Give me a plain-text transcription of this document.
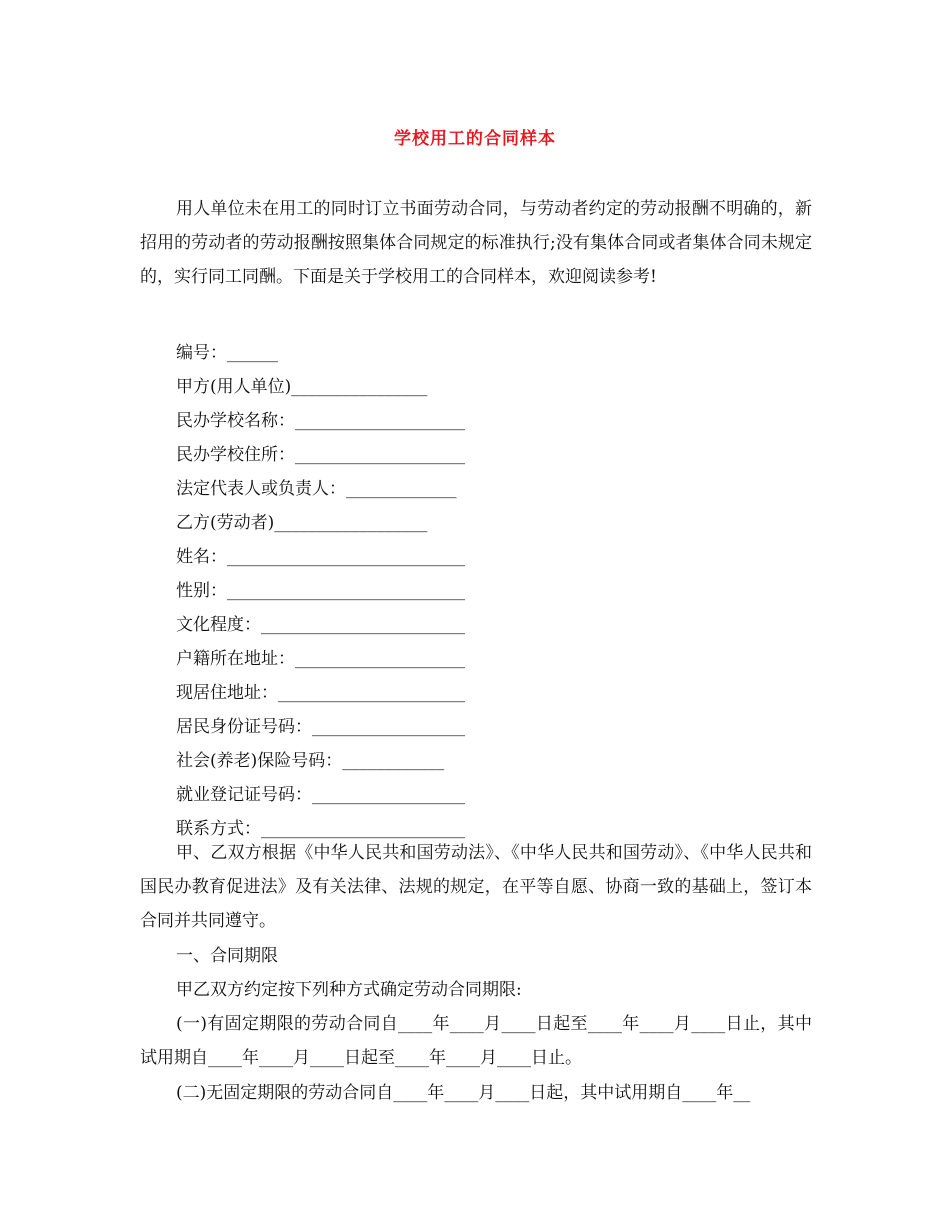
学校用工的合同样本

用人单位未在用工的同时订立书面劳动合同，与劳动者约定的劳动报酬不明确的，新招用的劳动者的劳动报酬按照集体合同规定的标准执行;没有集体合同或者集体合同未规定的，实行同工同酬。下面是关于学校用工的合同样本，欢迎阅读参考!

编号：______

甲方(用人单位)________________

民办学校名称：____________________

民办学校住所：____________________

法定代表人或负责人：_____________

乙方(劳动者)__________________

姓名：____________________________

性别：____________________________

文化程度：________________________

户籍所在地址：____________________

现居住地址：______________________

居民身份证号码：__________________

社会(养老)保险号码：____________

就业登记证号码：__________________

联系方式：________________________

甲、乙双方根据《中华人民共和国劳动法》、《中华人民共和国劳动》、《中华人民共和国民办教育促进法》及有关法律、法规的规定，在平等自愿、协商一致的基础上，签订本合同并共同遵守。

一、合同期限

甲乙双方约定按下列种方式确定劳动合同期限:

(一)有固定期限的劳动合同自____年____月____日起至____年____月____日止，其中试用期自____年____月____日起至____年____月____日止。

(二)无固定期限的劳动合同自____年____月____日起，其中试用期自____年__
